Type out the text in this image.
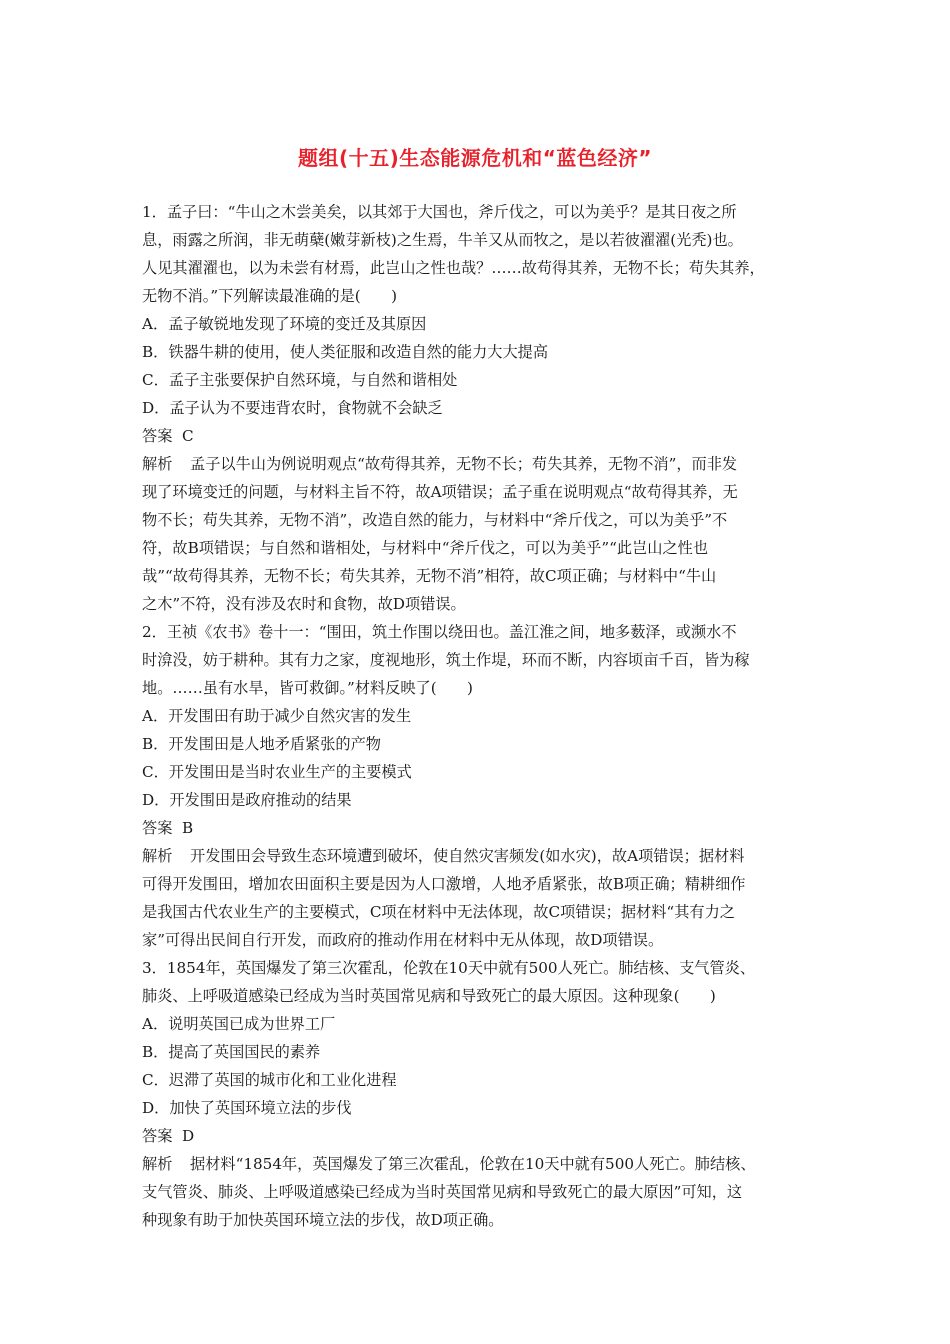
题组(十五)生态能源危机和“蓝色经济”

1．孟子曰：“牛山之木尝美矣，以其郊于大国也，斧斤伐之，可以为美乎？是其日夜之所

息，雨露之所润，非无萌蘖(嫩芽新枝)之生焉，牛羊又从而牧之，是以若彼濯濯(光秃)也。

人见其濯濯也，以为未尝有材焉，此岂山之性也哉？……故苟得其养，无物不长；苟失其养，

无物不消。”下列解读最准确的是(　　)

A．孟子敏锐地发现了环境的变迁及其原因

B．铁器牛耕的使用，使人类征服和改造自然的能力大大提高

C．孟子主张要保护自然环境，与自然和谐相处

D．孟子认为不要违背农时，食物就不会缺乏

答案 C

解析 孟子以牛山为例说明观点“故苟得其养，无物不长；苟失其养，无物不消”，而非发

现了环境变迁的问题，与材料主旨不符，故A项错误；孟子重在说明观点“故苟得其养，无

物不长；苟失其养，无物不消”，改造自然的能力，与材料中“斧斤伐之，可以为美乎”不

符，故B项错误；与自然和谐相处，与材料中“斧斤伐之，可以为美乎”“此岂山之性也

哉”“故苟得其养，无物不长；苟失其养，无物不消”相符，故C项正确；与材料中“牛山

之木”不符，没有涉及农时和食物，故D项错误。

2．王祯《农书》卷十一：“围田，筑土作围以绕田也。盖江淮之间，地多薮泽，或濒水不

时渰没，妨于耕种。其有力之家，度视地形，筑土作堤，环而不断，内容顷亩千百，皆为稼

地。……虽有水旱，皆可救御。”材料反映了(　　)

A．开发围田有助于减少自然灾害的发生

B．开发围田是人地矛盾紧张的产物

C．开发围田是当时农业生产的主要模式

D．开发围田是政府推动的结果

答案 B

解析 开发围田会导致生态环境遭到破坏，使自然灾害频发(如水灾)，故A项错误；据材料

可得开发围田，增加农田面积主要是因为人口激增，人地矛盾紧张，故B项正确；精耕细作

是我国古代农业生产的主要模式，C项在材料中无法体现，故C项错误；据材料“其有力之

家”可得出民间自行开发，而政府的推动作用在材料中无从体现，故D项错误。

3．1854年，英国爆发了第三次霍乱，伦敦在10天中就有500人死亡。肺结核、支气管炎、

肺炎、上呼吸道感染已经成为当时英国常见病和导致死亡的最大原因。这种现象(　　)

A．说明英国已成为世界工厂

B．提高了英国国民的素养

C．迟滞了英国的城市化和工业化进程

D．加快了英国环境立法的步伐

答案 D

解析 据材料“1854年，英国爆发了第三次霍乱，伦敦在10天中就有500人死亡。肺结核、

支气管炎、肺炎、上呼吸道感染已经成为当时英国常见病和导致死亡的最大原因”可知，这

种现象有助于加快英国环境立法的步伐，故D项正确。
